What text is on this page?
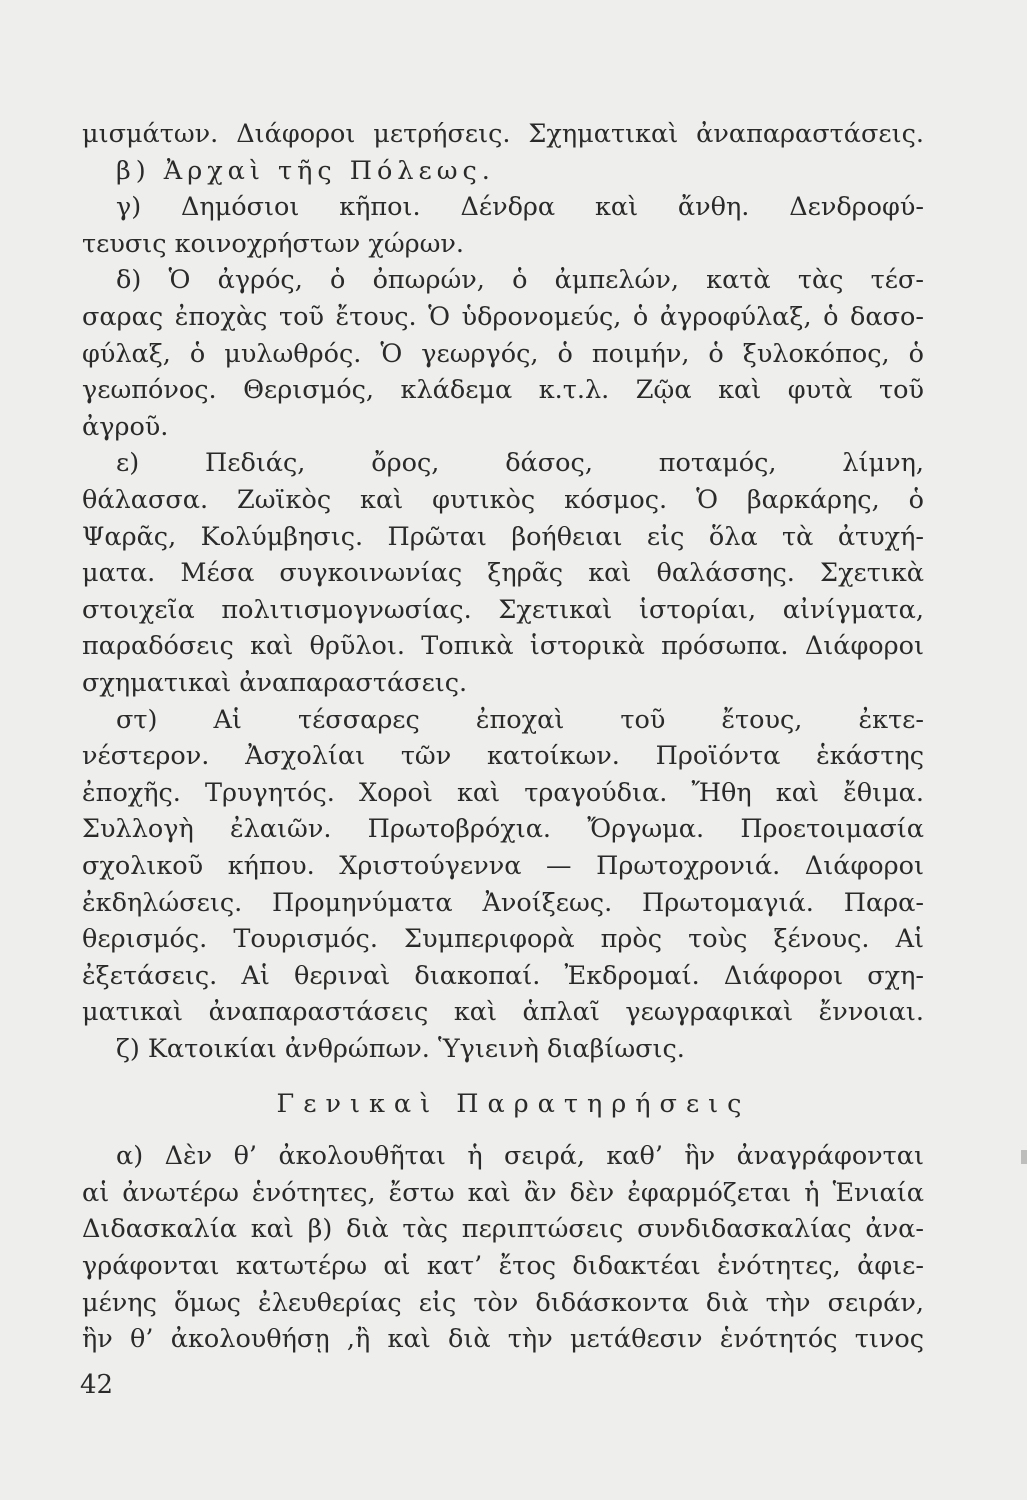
μισμάτων. Διάφοροι μετρήσεις. Σχηματικαὶ ἀναπαραστάσεις.
β) Ἀρχαὶ τῆς Πόλεως.
γ) Δημόσιοι κῆποι. Δένδρα καὶ ἄνθη. Δενδροφύ-
τευσις κοινοχρήστων χώρων.
δ) Ὁ ἀγρός, ὁ ὀπωρών, ὁ ἀμπελών, κατὰ τὰς τέσ-
σαρας ἐποχὰς τοῦ ἔτους. Ὁ ὑδρονομεύς, ὁ ἀγροφύλαξ, ὁ δασο-
φύλαξ, ὁ μυλωθρός. Ὁ γεωργός, ὁ ποιμήν, ὁ ξυλοκόπος, ὁ
γεωπόνος. Θερισμός, κλάδεμα κ.τ.λ. Ζῷα καὶ φυτὰ τοῦ
ἀγροῦ.
ε) Πεδιάς, ὄρος, δάσος, ποταμός, λίμνη,
θάλασσα. Ζωϊκὸς καὶ φυτικὸς κόσμος. Ὁ βαρκάρης, ὁ
Ψαρᾶς, Κολύμβησις. Πρῶται βοήθειαι εἰς ὅλα τὰ ἀτυχή-
ματα. Μέσα συγκοινωνίας ξηρᾶς καὶ θαλάσσης. Σχετικὰ
στοιχεῖα πολιτισμογνωσίας. Σχετικαὶ ἱστορίαι, αἰνίγματα,
παραδόσεις καὶ θρῦλοι. Τοπικὰ ἱστορικὰ πρόσωπα. Διάφοροι
σχηματικαὶ ἀναπαραστάσεις.
στ) Αἱ τέσσαρες ἐποχαὶ τοῦ ἔτους, ἐκτε-
νέστερον. Ἀσχολίαι τῶν κατοίκων. Προϊόντα ἑκάστης
ἐποχῆς. Τρυγητός. Χοροὶ καὶ τραγούδια. Ἤθη καὶ ἔθιμα.
Συλλογὴ ἐλαιῶν. Πρωτοβρόχια. Ὄργωμα. Προετοιμασία
σχολικοῦ κήπου. Χριστούγεννα — Πρωτοχρονιά. Διάφοροι
ἐκδηλώσεις. Προμηνύματα Ἀνοίξεως. Πρωτομαγιά. Παρα-
θερισμός. Τουρισμός. Συμπεριφορὰ πρὸς τοὺς ξένους. Αἱ
ἐξετάσεις. Αἱ θεριναὶ διακοπαί. Ἐκδρομαί. Διάφοροι σχη-
ματικαὶ ἀναπαραστάσεις καὶ ἁπλαῖ γεωγραφικαὶ ἔννοιαι.
ζ) Κατοικίαι ἀνθρώπων. Ὑγιεινὴ διαβίωσις.
Γενικαὶ Παρατηρήσεις
α) Δὲν θ’ ἀκολουθῆται ἡ σειρά, καθ’ ἣν ἀναγράφονται
αἱ ἀνωτέρω ἑνότητες, ἔστω καὶ ἂν δὲν ἐφαρμόζεται ἡ Ἑνιαία
Διδασκαλία καὶ β) διὰ τὰς περιπτώσεις συνδιδασκαλίας ἀνα-
γράφονται κατωτέρω αἱ κατ’ ἔτος διδακτέαι ἑνότητες, ἀφιε-
μένης ὅμως ἐλευθερίας εἰς τὸν διδάσκοντα διὰ τὴν σειράν,
ἣν θ’ ἀκολουθήσῃ ,ἢ καὶ διὰ τὴν μετάθεσιν ἑνότητός τινος
42
